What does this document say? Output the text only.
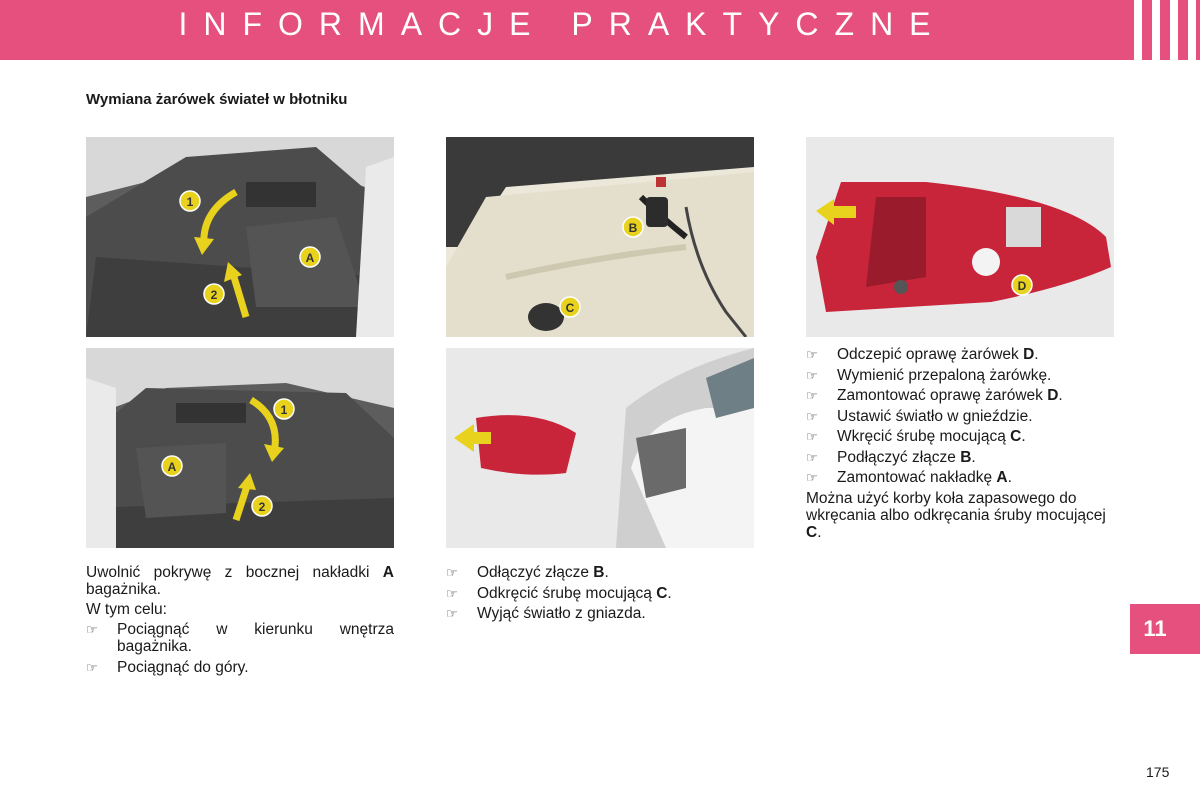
INFORMACJE PRAKTYCZNE
Wymiana żarówek świateł w błotniku
1
2
A
1
2
A
B
C
D

Uwolnić pokrywę z bocznej nakładki A bagażnika.

W tym celu:

☞ Pociągnąć w kierunku wnętrza bagażnika.
☞ Pociągnąć do góry.
☞ Odłączyć złącze B.
☞ Odkręcić śrubę mocującą C.
☞ Wyjąć światło z gniazda.
☞ Odczepić oprawę żarówek D.
☞ Wymienić przepaloną żarówkę.
☞ Zamontować oprawę żarówek D.
☞ Ustawić światło w gnieździe.
☞ Wkręcić śrubę mocującą C.
☞ Podłączyć złącze B.
☞ Zamontować nakładkę A.

Można użyć korby koła zapasowego do wkręcania albo odkręcania śruby mocującej C.

11
175
